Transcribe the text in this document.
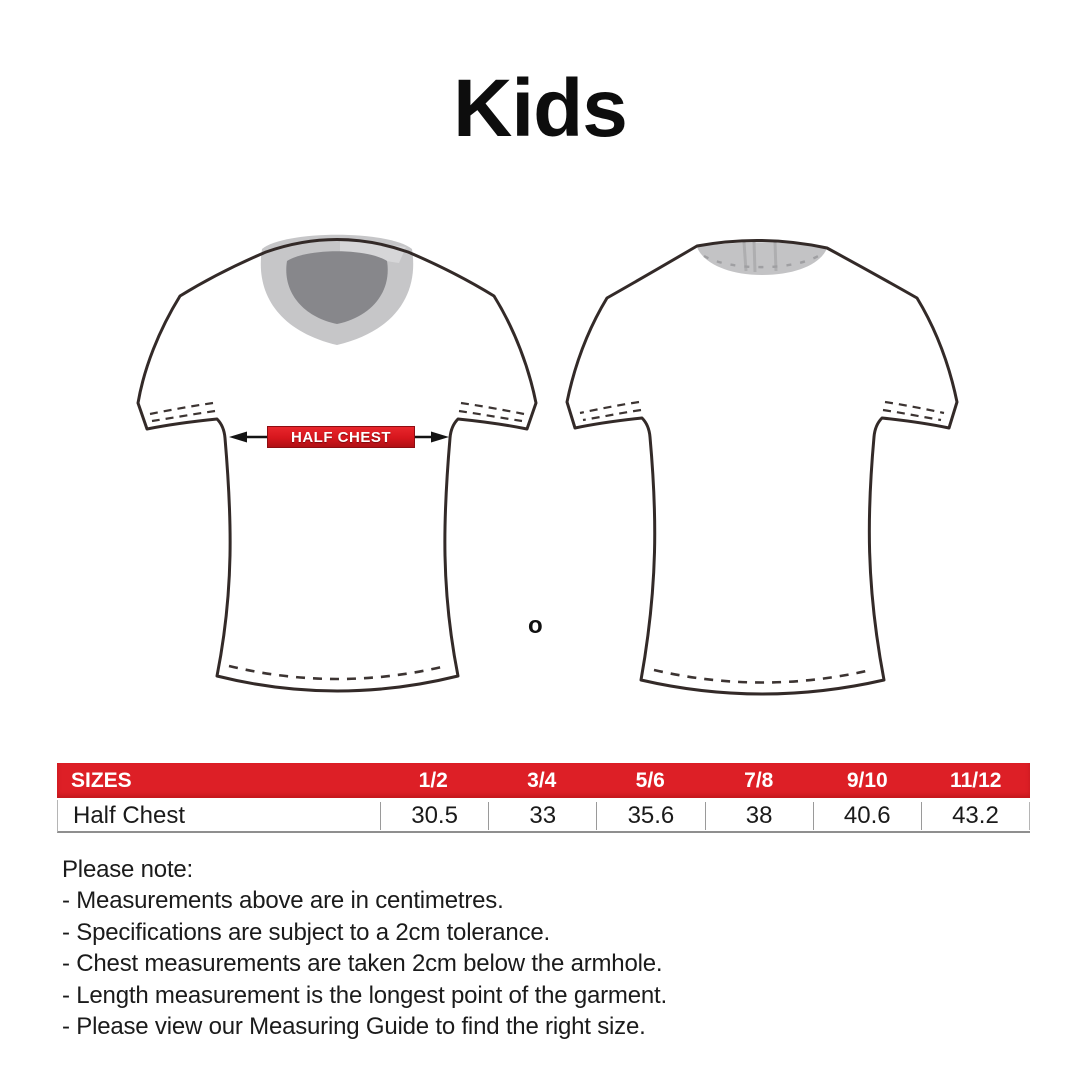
Kids
HALF CHEST
o
SIZES	1/2	3/4	5/6	7/8	9/10	11/12
Half Chest	30.5	33	35.6	38	40.6	43.2
Please note:
- Measurements above are in centimetres.
- Specifications are subject to a 2cm tolerance.
- Chest measurements are taken 2cm below the armhole.
- Length measurement is the longest point of the garment.
- Please view our Measuring Guide to find the right size.
